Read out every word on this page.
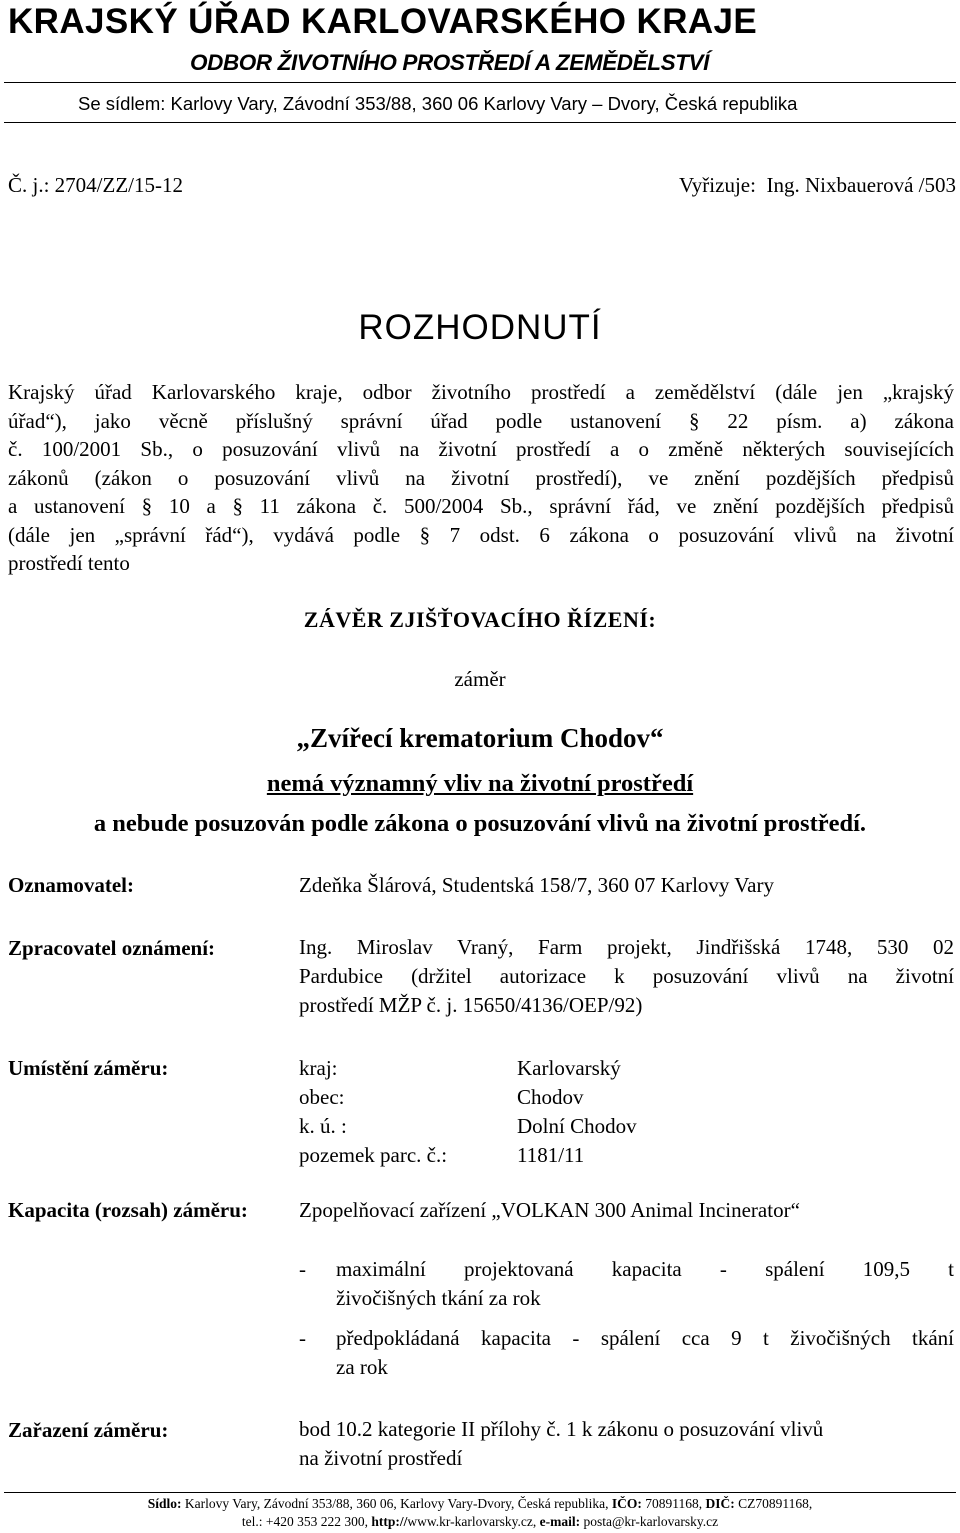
KRAJSKÝ ÚŘAD KARLOVARSKÉHO KRAJE
ODBOR ŽIVOTNÍHO PROSTŘEDÍ A ZEMĚDĚLSTVÍ
Se sídlem: Karlovy Vary, Závodní 353/88, 360 06 Karlovy Vary – Dvory, Česká republika
Č. j.: 2704/ZZ/15-12	Vyřizuje: Ing. Nixbauerová /503
ROZHODNUTÍ
Krajský úřad Karlovarského kraje, odbor životního prostředí a zemědělství (dále jen „krajský
úřad“), jako věcně příslušný správní úřad podle ustanovení § 22 písm. a) zákona
č. 100/2001 Sb., o posuzování vlivů na životní prostředí a o změně některých souvisejících
zákonů (zákon o posuzování vlivů na životní prostředí), ve znění pozdějších předpisů
a ustanovení § 10 a § 11 zákona č. 500/2004 Sb., správní řád, ve znění pozdějších předpisů
(dále jen „správní řád“), vydává podle § 7 odst. 6 zákona o posuzování vlivů na životní
prostředí tento
ZÁVĚR ZJIŠŤOVACÍHO ŘÍZENÍ:
záměr
„Zvířecí krematorium Chodov“
nemá významný vliv na životní prostředí
a nebude posuzován podle zákona o posuzování vlivů na životní prostředí.
Oznamovatel:	Zdeňka Šlárová, Studentská 158/7, 360 07 Karlovy Vary
Zpracovatel oznámení:	Ing. Miroslav Vraný, Farm projekt, Jindřišská 1748, 530 02
Pardubice (držitel autorizace k posuzování vlivů na životní
prostředí MŽP č. j. 15650/4136/OEP/92)
Umístění záměru:	kraj:	Karlovarský
obec:	Chodov
k. ú. :	Dolní Chodov
pozemek parc. č.:	1181/11
Kapacita (rozsah) záměru: Zpopelňovací zařízení „VOLKAN 300 Animal Incinerator“
- maximální projektovaná kapacita - spálení 109,5 t
živočišných tkání za rok
- předpokládaná kapacita - spálení cca 9 t živočišných tkání
za rok
Zařazení záměru:	bod 10.2 kategorie II přílohy č. 1 k zákonu o posuzování vlivů
na životní prostředí
Sídlo: Karlovy Vary, Závodní 353/88, 360 06, Karlovy Vary-Dvory, Česká republika, IČO: 70891168, DIČ: CZ70891168,
tel.: +420 353 222 300, http://www.kr-karlovarsky.cz, e-mail: posta@kr-karlovarsky.cz
